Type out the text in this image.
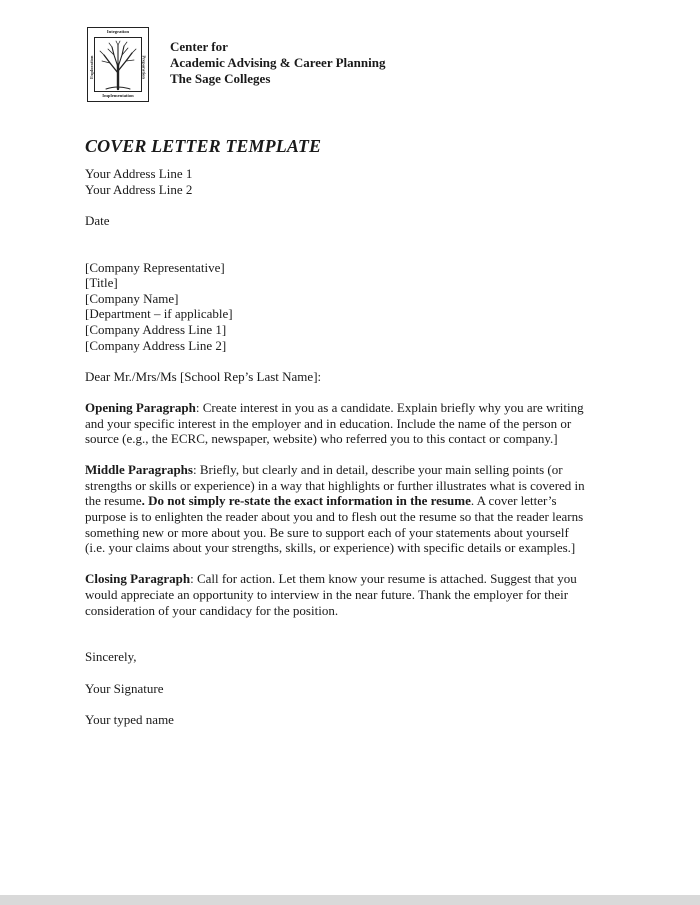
Integration
Implementation
Exploration	Preparation
Center for
Academic Advising & Career Planning
The Sage Colleges
COVER LETTER TEMPLATE
Your Address Line 1
Your Address Line 2
Date
[Company Representative]
[Title]
[Company Name]
[Department – if applicable]
[Company Address Line 1]
[Company Address Line 2]
Dear Mr./Mrs/Ms [School Rep’s Last Name]:
Opening Paragraph: Create interest in you as a candidate. Explain briefly why you are writing
and your specific interest in the employer and in education. Include the name of the person or
source (e.g., the ECRC, newspaper, website) who referred you to this contact or company.]
Middle Paragraphs: Briefly, but clearly and in detail, describe your main selling points (or
strengths or skills or experience) in a way that highlights or further illustrates what is covered in
the resume. Do not simply re-state the exact information in the resume. A cover letter’s
purpose is to enlighten the reader about you and to flesh out the resume so that the reader learns
something new or more about you. Be sure to support each of your statements about yourself
(i.e. your claims about your strengths, skills, or experience) with specific details or examples.]
Closing Paragraph: Call for action. Let them know your resume is attached. Suggest that you
would appreciate an opportunity to interview in the near future. Thank the employer for their
consideration of your candidacy for the position.
Sincerely,
Your Signature
Your typed name
